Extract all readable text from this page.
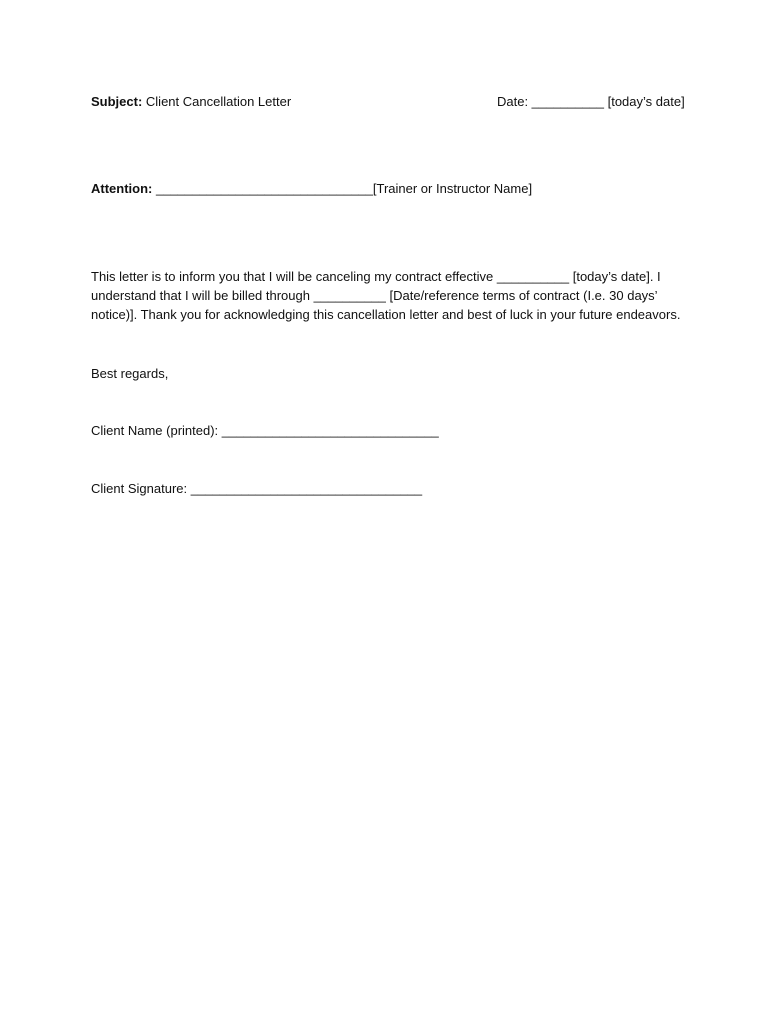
Subject: Client Cancellation Letter	Date: __________ [today’s date]
Attention: ______________________________[Trainer or Instructor Name]
This letter is to inform you that I will be canceling my contract effective __________ [today’s date]. I
understand that I will be billed through __________ [Date/reference terms of contract (I.e. 30 days’
notice)]. Thank you for acknowledging this cancellation letter and best of luck in your future endeavors.
Best regards,
Client Name (printed): ______________________________
Client Signature: ________________________________
